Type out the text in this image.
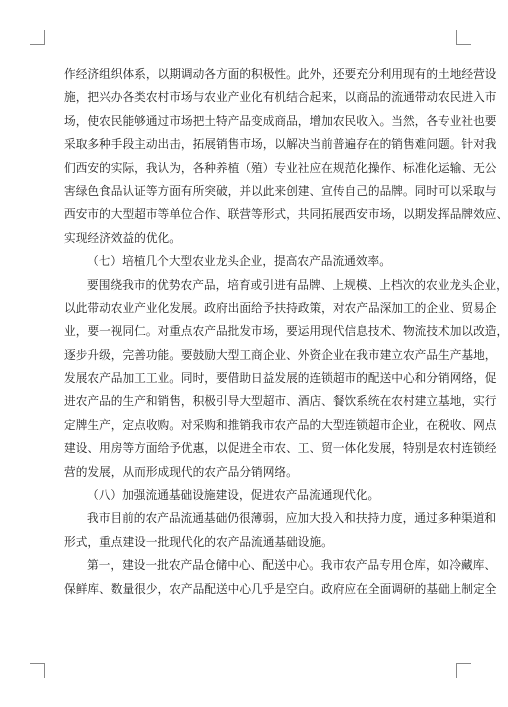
作经济组织体系，以期调动各方面的积极性。此外，还要充分利用现有的土地经营设
施，把兴办各类农村市场与农业产业化有机结合起来，以商品的流通带动农民进入市
场，使农民能够通过市场把土特产品变成商品，增加农民收入。当然，各专业社也要
采取多种手段主动出击，拓展销售市场，以解决当前普遍存在的销售难问题。针对我
们西安的实际，我认为，各种养植（殖）专业社应在规范化操作、标准化运输、无公
害绿色食品认证等方面有所突破，并以此来创建、宣传自己的品牌。同时可以采取与
西安市的大型超市等单位合作、联营等形式，共同拓展西安市场，以期发挥品牌效应、
实现经济效益的优化。
（七）培植几个大型农业龙头企业，提高农产品流通效率。
要围绕我市的优势农产品，培育或引进有品牌、上规模、上档次的农业龙头企业，
以此带动农业产业化发展。政府出面给予扶持政策，对农产品深加工的企业、贸易企
业，要一视同仁。对重点农产品批发市场，要运用现代信息技术、物流技术加以改造，
逐步升级，完善功能。要鼓励大型工商企业、外资企业在我市建立农产品生产基地，
发展农产品加工工业。同时，要借助日益发展的连锁超市的配送中心和分销网络，促
进农产品的生产和销售，积极引导大型超市、酒店、餐饮系统在农村建立基地，实行
定牌生产，定点收购。对采购和推销我市农产品的大型连锁超市企业，在税收、网点
建设、用房等方面给予优惠，以促进全市农、工、贸一体化发展，特别是农村连锁经
营的发展，从而形成现代的农产品分销网络。
（八）加强流通基础设施建设，促进农产品流通现代化。
我市目前的农产品流通基础仍很薄弱，应加大投入和扶持力度，通过多种渠道和
形式，重点建设一批现代化的农产品流通基础设施。
第一，建设一批农产品仓储中心、配送中心。我市农产品专用仓库，如冷藏库、
保鲜库、数量很少，农产品配送中心几乎是空白。政府应在全面调研的基础上制定全
